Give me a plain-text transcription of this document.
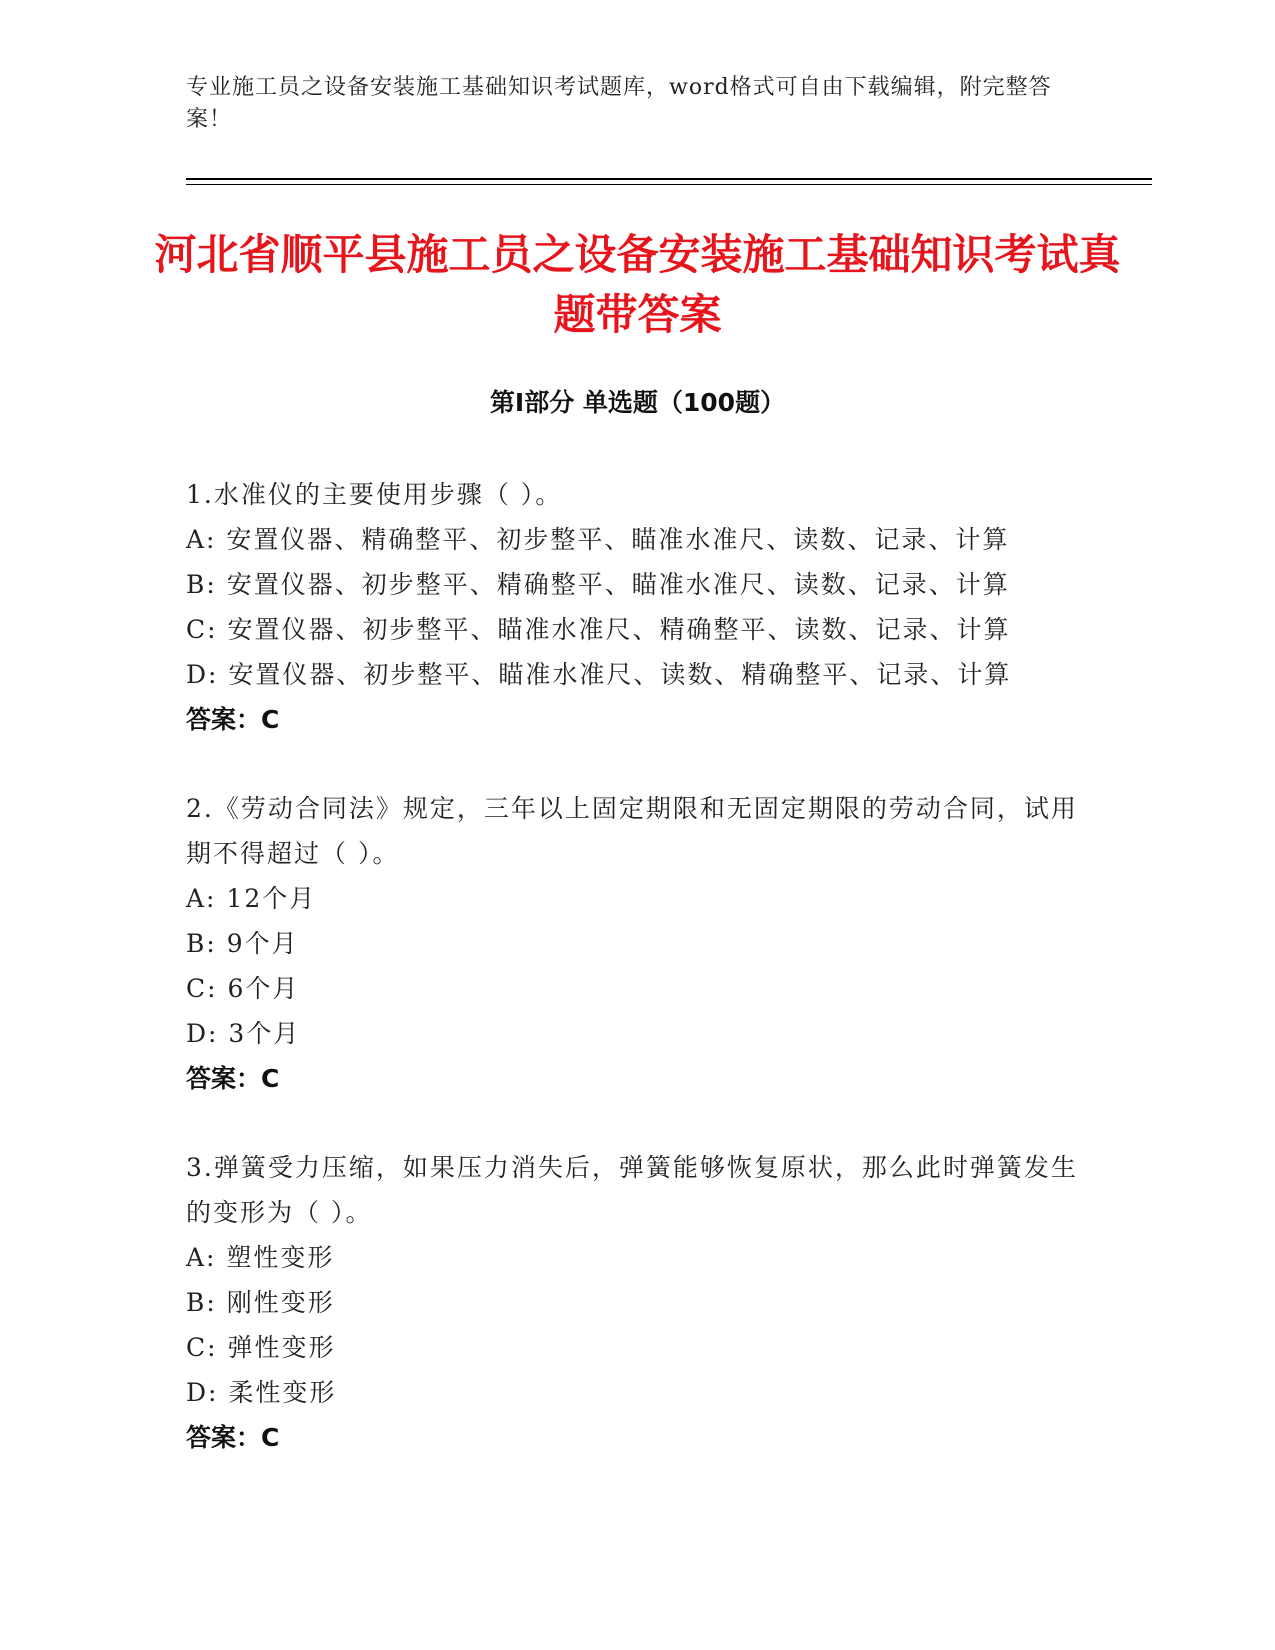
专业施工员之设备安装施工基础知识考试题库，word格式可自由下载编辑，附完整答案！
河北省顺平县施工员之设备安装施工基础知识考试真题带答案
第I部分 单选题（100题）
1.水准仪的主要使用步骤（ ）。
A: 安置仪器、精确整平、初步整平、瞄准水准尺、读数、记录、计算
B: 安置仪器、初步整平、精确整平、瞄准水准尺、读数、记录、计算
C: 安置仪器、初步整平、瞄准水准尺、精确整平、读数、记录、计算
D: 安置仪器、初步整平、瞄准水准尺、读数、精确整平、记录、计算
答案：C
2.《劳动合同法》规定，三年以上固定期限和无固定期限的劳动合同，试用期不得超过（ ）。
A: 12个月
B: 9个月
C: 6个月
D: 3个月
答案：C
3.弹簧受力压缩，如果压力消失后，弹簧能够恢复原状，那么此时弹簧发生的变形为（ ）。
A: 塑性变形
B: 刚性变形
C: 弹性变形
D: 柔性变形
答案：C
